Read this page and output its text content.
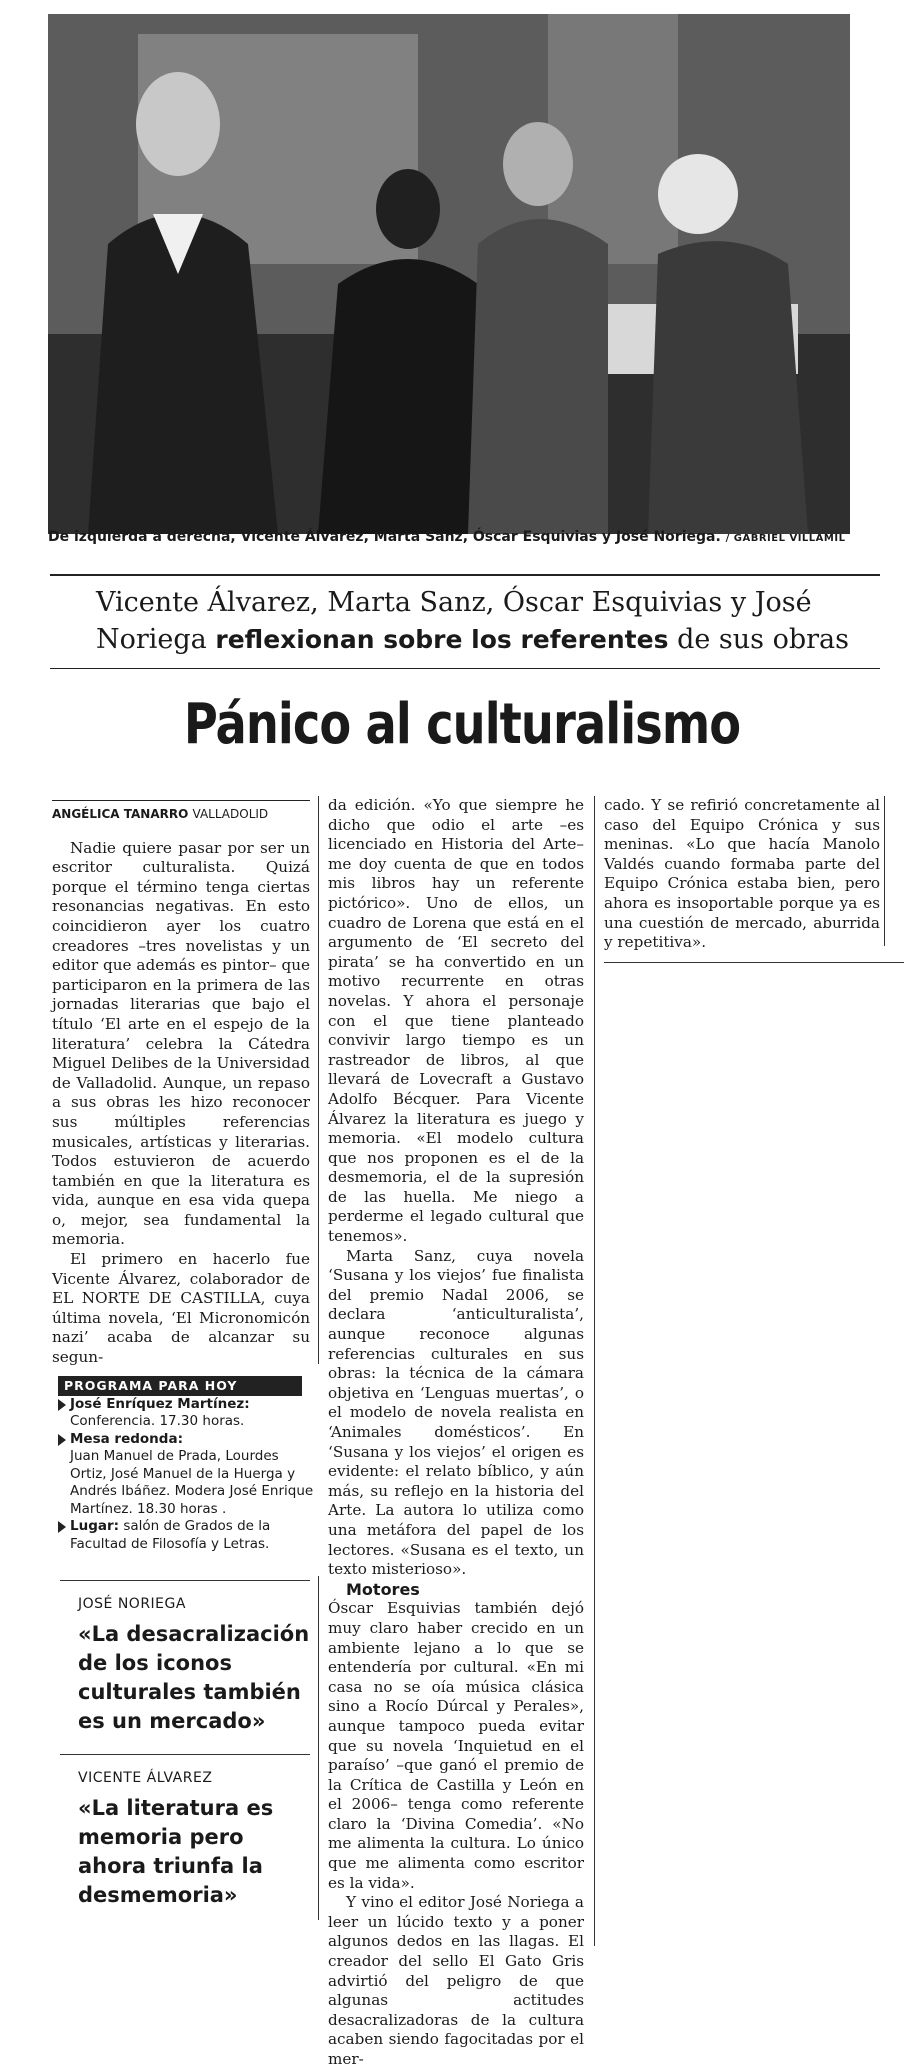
De izquierda a derecha, Vicente Álvarez, Marta Sanz, Óscar Esquivias y José Noriega. / GABRIEL VILLAMIL
Vicente Álvarez, Marta Sanz, Óscar Esquivias y José
Noriega reflexionan sobre los referentes de sus obras
Pánico al culturalismo
ANGÉLICA TANARRO VALLADOLID

Nadie quiere pasar por ser un escritor culturalista. Quizá porque el término tenga ciertas resonancias negativas. En esto coincidieron ayer los cuatro creadores –tres novelistas y un editor que además es pintor– que participaron en la primera de las jornadas literarias que bajo el título ‘El arte en el espejo de la literatura’ celebra la Cátedra Miguel Delibes de la Universidad de Valladolid. Aunque, un repaso a sus obras les hizo reconocer sus múltiples referencias musicales, artísticas y literarias. Todos estuvieron de acuerdo también en que la literatura es vida, aunque en esa vida quepa o, mejor, sea fundamental la memoria.

El primero en hacerlo fue Vicente Álvarez, colaborador de EL NORTE DE CASTILLA, cuya última novela, ‘El Micronomicón nazi’ acaba de alcanzar su segun-

PROGRAMA PARA HOY
José Enríquez Martínez: Conferencia. 17.30 horas.
Mesa redonda:
Juan Manuel de Prada, Lourdes Ortiz, José Manuel de la Huerga y Andrés Ibáñez. Modera José Enrique Martínez. 18.30 horas .
Lugar: salón de Grados de la Facultad de Filosofía y Letras.
JOSÉ NORIEGA
«La desacralización de los iconos culturales también es un mercado»
VICENTE ÁLVAREZ
«La literatura es memoria pero ahora triunfa la desmemoria»

da edición. «Yo que siempre he dicho que odio el arte –es licenciado en Historia del Arte– me doy cuenta de que en todos mis libros hay un referente pictórico». Uno de ellos, un cuadro de Lorena que está en el argumento de ‘El secreto del pirata’ se ha convertido en un motivo recurrente en otras novelas. Y ahora el personaje con el que tiene planteado convivir largo tiempo es un rastreador de libros, al que llevará de Lovecraft a Gustavo Adolfo Bécquer. Para Vicente Álvarez la literatura es juego y memoria. «El modelo cultura que nos proponen es el de la desmemoria, el de la supresión de las huella. Me niego a perderme el legado cultural que tenemos».

Marta Sanz, cuya novela ‘Susana y los viejos’ fue finalista del premio Nadal 2006, se declara ‘anticulturalista’, aunque reconoce algunas referencias culturales en sus obras: la técnica de la cámara objetiva en ‘Lenguas muertas’, o el modelo de novela realista en ‘Animales domésticos’. En ‘Susana y los viejos’ el origen es evidente: el relato bíblico, y aún más, su reflejo en la historia del Arte. La autora lo utiliza como una metáfora del papel de los lectores. «Susana es el texto, un texto misterioso».

Motores

Óscar Esquivias también dejó muy claro haber crecido en un ambiente lejano a lo que se entendería por cultural. «En mi casa no se oía música clásica sino a Rocío Dúrcal y Perales», aunque tampoco pueda evitar que su novela ‘Inquietud en el paraíso’ –que ganó el premio de la Crítica de Castilla y León en el 2006– tenga como referente claro la ‘Divina Comedia’. «No me alimenta la cultura. Lo único que me alimenta como escritor es la vida».

Y vino el editor José Noriega a leer un lúcido texto y a poner algunos dedos en las llagas. El creador del sello El Gato Gris advirtió del peligro de que algunas actitudes desacralizadoras de la cultura acaben siendo fagocitadas por el mer-

cado. Y se refirió concretamente al caso del Equipo Crónica y sus meninas. «Lo que hacía Manolo Valdés cuando formaba parte del Equipo Crónica estaba bien, pero ahora es insoportable porque ya es una cuestión de mercado, aburrida y repetitiva».
